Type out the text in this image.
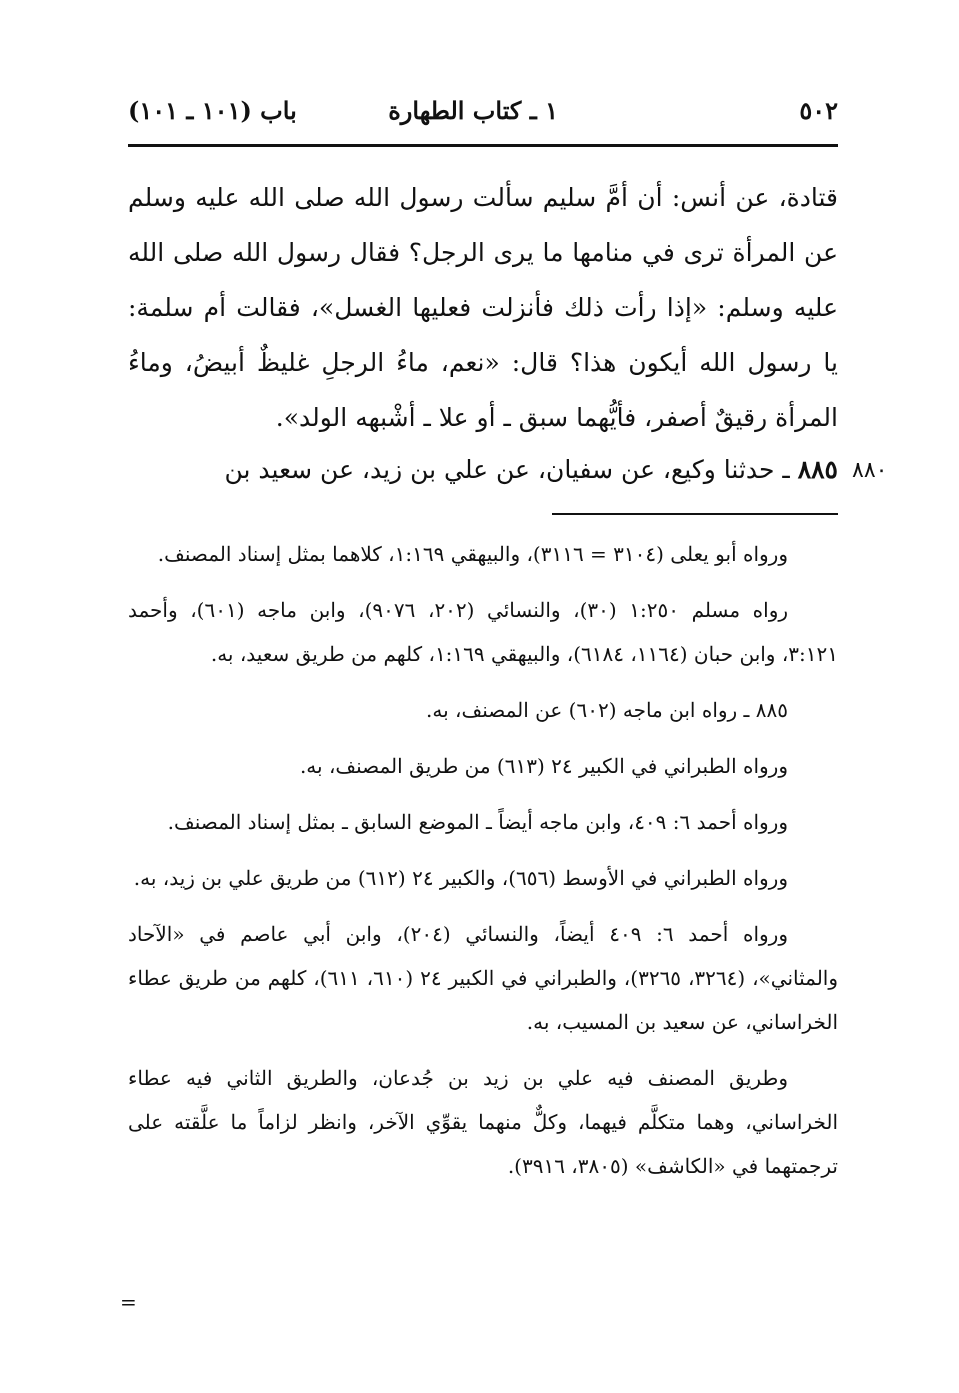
٥٠٢
١ ـ كتاب الطهارة
باب (١٠١ ـ ١٠١)

قتادة، عن أنس: أن أمَّ سليم سألت رسول الله صلى الله عليه وسلم عن المرأة ترى في منامها ما يرى الرجل؟ فقال رسول الله صلى الله عليه وسلم: «إذا رأت ذلك فأنزلت فعليها الغسل»، فقالت أم سلمة: يا رسول الله أيكون هذا؟ قال: «نعم، ماءُ الرجلِ غليظٌ أبيضُ، وماءُ المرأة رقيقٌ أصفر، فأيُّهما سبق ـ أو علا ـ أشْبهه الولد».

٨٨٥ ـ حدثنا وكيع، عن سفيان، عن علي بن زيد، عن سعيد بن	٨٨٠

ورواه أبو يعلى (٣١٠٤ = ٣١١٦)، والبيهقي ١:١٦٩، كلاهما بمثل إسناد المصنف.

رواه مسلم ١:٢٥٠ (٣٠)، والنسائي (٢٠٢، ٩٠٧٦)، وابن ماجه (٦٠١)، وأحمد ٣:١٢١، وابن حبان (١١٦٤، ٦١٨٤)، والبيهقي ١:١٦٩، كلهم من طريق سعيد، به.

٨٨٥ ـ رواه ابن ماجه (٦٠٢) عن المصنف، به.

ورواه الطبراني في الكبير ٢٤ (٦١٣) من طريق المصنف، به.

ورواه أحمد ٦: ٤٠٩، وابن ماجه أيضاً ـ الموضع السابق ـ بمثل إسناد المصنف.

ورواه الطبراني في الأوسط (٦٥٦)، والكبير ٢٤ (٦١٢) من طريق علي بن زيد، به.

ورواه أحمد ٦: ٤٠٩ أيضاً، والنسائي (٢٠٤)، وابن أبي عاصم في «الآحاد والمثاني»، (٣٢٦٤، ٣٢٦٥)، والطبراني في الكبير ٢٤ (٦١٠، ٦١١)، كلهم من طريق عطاء الخراساني، عن سعيد بن المسيب، به.

وطريق المصنف فيه علي بن زيد بن جُدعان، والطريق الثاني فيه عطاء الخراساني، وهما متكلَّم فيهما، وكلٌّ منهما يقوِّي الآخر، وانظر لزاماً ما علَّقته على ترجمتهما في «الكاشف» (٣٨٠٥، ٣٩١٦).

=
